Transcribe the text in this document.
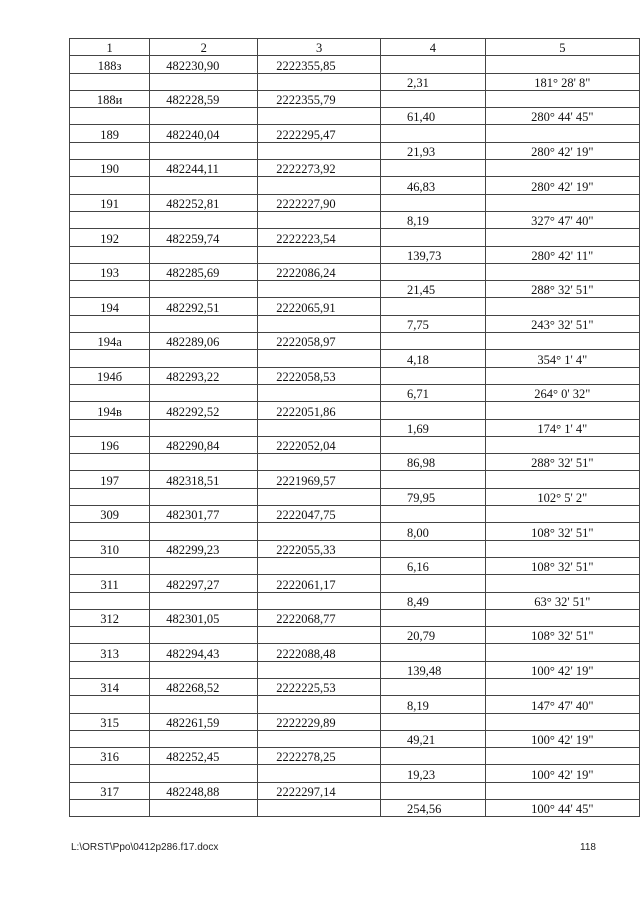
1	2	3	4	5
188з	482230,90	2222355,85		
			2,31	181° 28' 8"
188и	482228,59	2222355,79		
			61,40	280° 44' 45"
189	482240,04	2222295,47		
			21,93	280° 42' 19"
190	482244,11	2222273,92		
			46,83	280° 42' 19"
191	482252,81	2222227,90		
			8,19	327° 47' 40"
192	482259,74	2222223,54		
			139,73	280° 42' 11"
193	482285,69	2222086,24		
			21,45	288° 32' 51"
194	482292,51	2222065,91		
			7,75	243° 32' 51"
194а	482289,06	2222058,97		
			4,18	354° 1' 4"
194б	482293,22	2222058,53		
			6,71	264° 0' 32"
194в	482292,52	2222051,86		
			1,69	174° 1' 4"
196	482290,84	2222052,04		
			86,98	288° 32' 51"
197	482318,51	2221969,57		
			79,95	102° 5' 2"
309	482301,77	2222047,75		
			8,00	108° 32' 51"
310	482299,23	2222055,33		
			6,16	108° 32' 51"
311	482297,27	2222061,17		
			8,49	63° 32' 51"
312	482301,05	2222068,77		
			20,79	108° 32' 51"
313	482294,43	2222088,48		
			139,48	100° 42' 19"
314	482268,52	2222225,53		
			8,19	147° 47' 40"
315	482261,59	2222229,89		
			49,21	100° 42' 19"
316	482252,45	2222278,25		
			19,23	100° 42' 19"
317	482248,88	2222297,14		
			254,56	100° 44' 45"
L:\ORST\Ppo\0412p286.f17.docx	118
